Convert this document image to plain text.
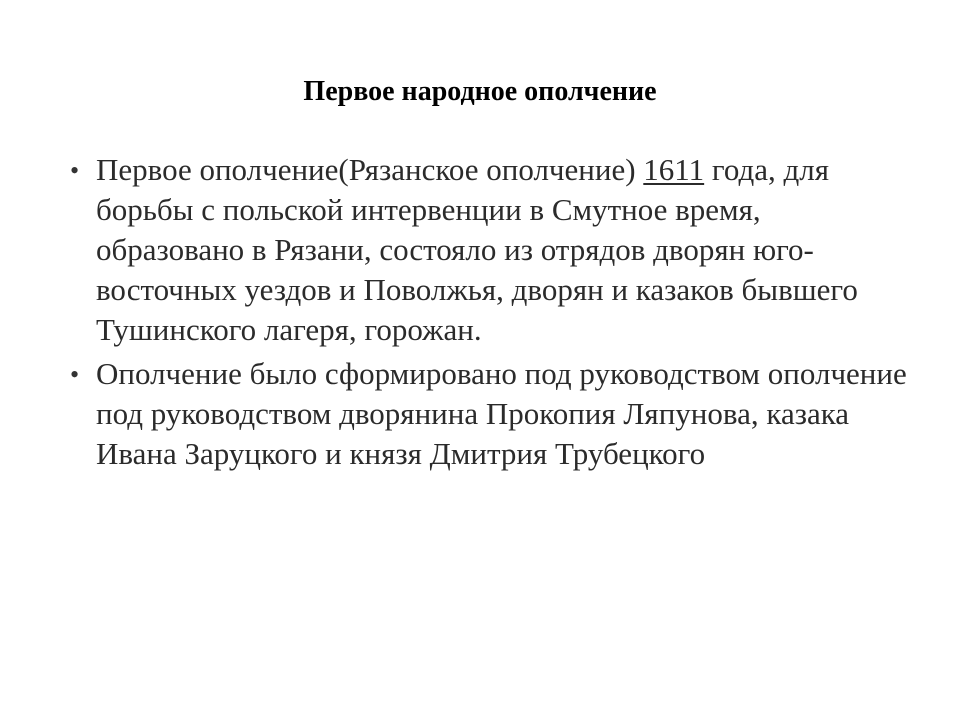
Первое народное ополчение
• Первое ополчение(Рязанское ополчение) 1611 года, для борьбы с польской интервенции в Смутное время, образовано в Рязани, состояло из отрядов дворян юго-восточных уездов и Поволжья, дворян и казаков бывшего Тушинского лагеря, горожан.
• Ополчение было сформировано под руководством ополчение под руководством дворянина Прокопия Ляпунова, казака Ивана Заруцкого и князя Дмитрия Трубецкого
